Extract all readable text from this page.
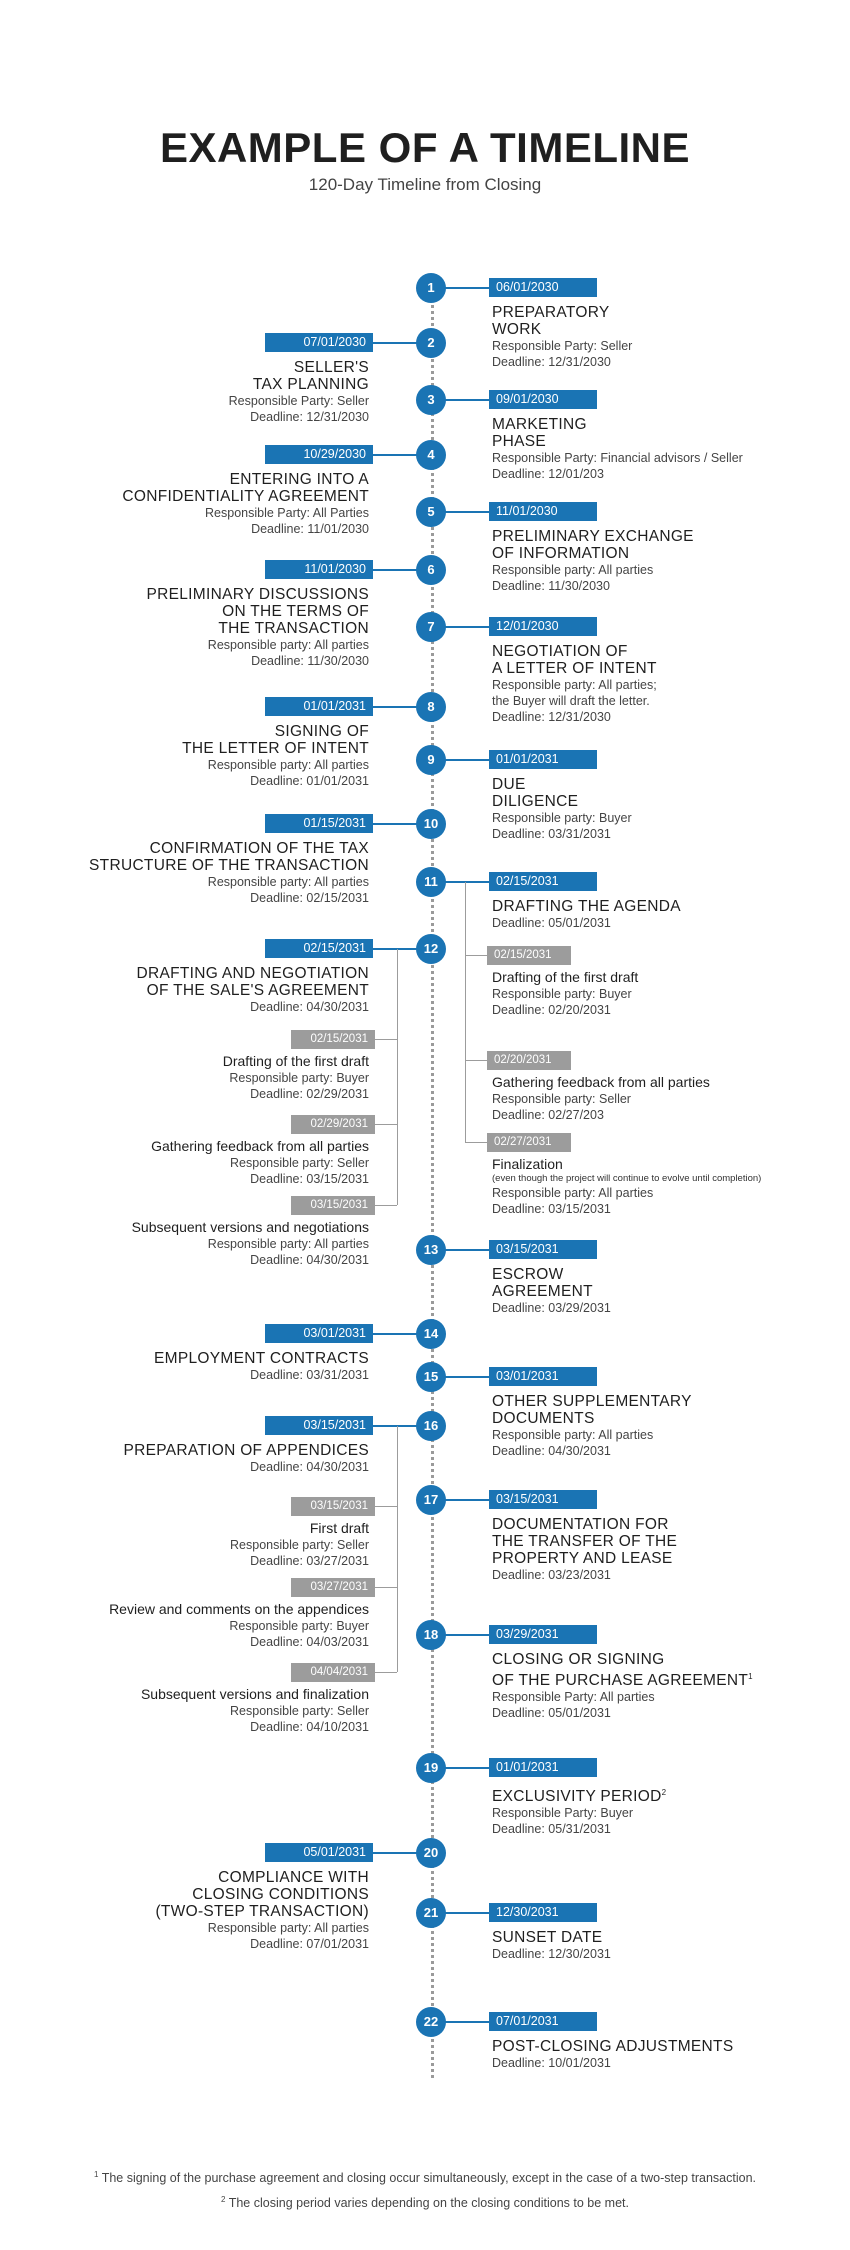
EXAMPLE OF A TIMELINE
120-Day Timeline from Closing
06/01/2030
PREPARATORY
WORK
Responsible Party: Seller
Deadline: 12/31/2030
1
07/01/2030
SELLER'S
TAX PLANNING
Responsible Party: Seller
Deadline: 12/31/2030
2
09/01/2030
MARKETING
PHASE
Responsible Party: Financial advisors / Seller
Deadline: 12/01/203
3
10/29/2030
ENTERING INTO A
CONFIDENTIALITY AGREEMENT
Responsible Party: All Parties
Deadline: 11/01/2030
4
11/01/2030
PRELIMINARY EXCHANGE
OF INFORMATION
Responsible party: All parties
Deadline: 11/30/2030
5
11/01/2030
PRELIMINARY DISCUSSIONS
ON THE TERMS OF
THE TRANSACTION
Responsible party: All parties
Deadline: 11/30/2030
6
12/01/2030
NEGOTIATION OF
A LETTER OF INTENT
Responsible party: All parties;
the Buyer will draft the letter.
Deadline: 12/31/2030
7
01/01/2031
SIGNING OF
THE LETTER OF INTENT
Responsible party: All parties
Deadline: 01/01/2031
8
01/01/2031
DUE
DILIGENCE
Responsible party: Buyer
Deadline: 03/31/2031
9
01/15/2031
CONFIRMATION OF THE TAX
STRUCTURE OF THE TRANSACTION
Responsible party: All parties
Deadline: 02/15/2031
10
02/15/2031
DRAFTING THE AGENDA
Deadline: 05/01/2031
11
02/15/2031
DRAFTING AND NEGOTIATION
OF THE SALE'S AGREEMENT
Deadline: 04/30/2031
12
03/15/2031
ESCROW
AGREEMENT
Deadline: 03/29/2031
13
03/01/2031
EMPLOYMENT CONTRACTS
Deadline: 03/31/2031
14
03/01/2031
OTHER SUPPLEMENTARY
DOCUMENTS
Responsible party: All parties
Deadline: 04/30/2031
15
03/15/2031
PREPARATION OF APPENDICES
Deadline: 04/30/2031
16
03/15/2031
DOCUMENTATION FOR
THE TRANSFER OF THE
PROPERTY AND LEASE
Deadline: 03/23/2031
17
03/29/2031
CLOSING OR SIGNING
OF THE PURCHASE AGREEMENT$^1$
Responsible Party: All parties
Deadline: 05/01/2031
18
01/01/2031
EXCLUSIVITY PERIOD$^2$
Responsible Party: Buyer
Deadline: 05/31/2031
19
05/01/2031
COMPLIANCE WITH
CLOSING CONDITIONS
(TWO-STEP TRANSACTION)
Responsible party: All parties
Deadline: 07/01/2031
20
12/30/2031
SUNSET DATE
Deadline: 12/30/2031
21
07/01/2031
POST-CLOSING ADJUSTMENTS
Deadline: 10/01/2031
22
02/15/2031
Drafting of the first draft
Responsible party: Buyer
Deadline: 02/20/2031
02/20/2031
Gathering feedback from all parties
Responsible party: Seller
Deadline: 02/27/203
02/27/2031
Finalization
(even though the project will continue to evolve until completion)
Responsible party: All parties
Deadline: 03/15/2031
02/15/2031
Drafting of the first draft
Responsible party: Buyer
Deadline: 02/29/2031
02/29/2031
Gathering feedback from all parties
Responsible party: Seller
Deadline: 03/15/2031
03/15/2031
Subsequent versions and negotiations
Responsible party: All parties
Deadline: 04/30/2031
03/15/2031
First draft
Responsible party: Seller
Deadline: 03/27/2031
03/27/2031
Review and comments on the appendices
Responsible party: Buyer
Deadline: 04/03/2031
04/04/2031
Subsequent versions and finalization
Responsible party: Seller
Deadline: 04/10/2031
$^1$ The signing of the purchase agreement and closing occur simultaneously, except in the case of a two-step transaction.
$^2$ The closing period varies depending on the closing conditions to be met.
